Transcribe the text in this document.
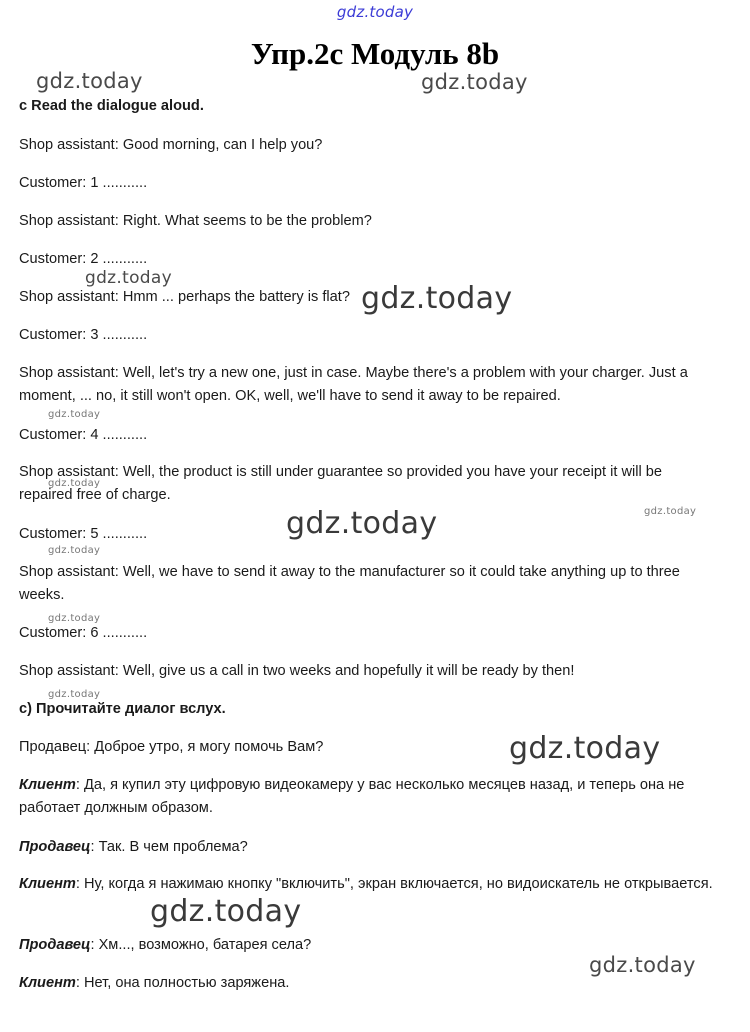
gdz.today
Упр.2c Модуль 8b
c Read the dialogue aloud.
Shop assistant: Good morning, can I help you?
Customer: 1 ...........
Shop assistant: Right. What seems to be the problem?
Customer: 2 ...........
Shop assistant: Hmm ... perhaps the battery is flat?
Customer: 3 ...........
Shop assistant: Well, let's try a new one, just in case. Maybe there's a problem with your charger. Just a moment, ... no, it still won't open. OK, well, we'll have to send it away to be repaired.
Customer: 4 ...........
Shop assistant: Well, the product is still under guarantee so provided you have your receipt it will be repaired free of charge.
Customer: 5 ...........
Shop assistant: Well, we have to send it away to the manufacturer so it could take anything up to three weeks.
Customer: 6 ...........
Shop assistant: Well, give us a call in two weeks and hopefully it will be ready by then!
c) Прочитайте диалог вслух.
Продавец: Доброе утро, я могу помочь Вам?
Клиент: Да, я купил эту цифровую видеокамеру у вас несколько месяцев назад, и теперь она не работает должным образом.
Продавец: Так. В чем проблема?
Клиент: Ну, когда я нажимаю кнопку "включить", экран включается, но видоискатель не открывается.
Продавец: Хм..., возможно, батарея села?
Клиент: Нет, она полностью заряжена.
gdz.today	gdz.today
gdz.today
gdz.today
gdz.today
gdz.today
gdz.today
gdz.today
gdz.today
gdz.today
gdz.today
gdz.today
gdz.today
gdz.today
